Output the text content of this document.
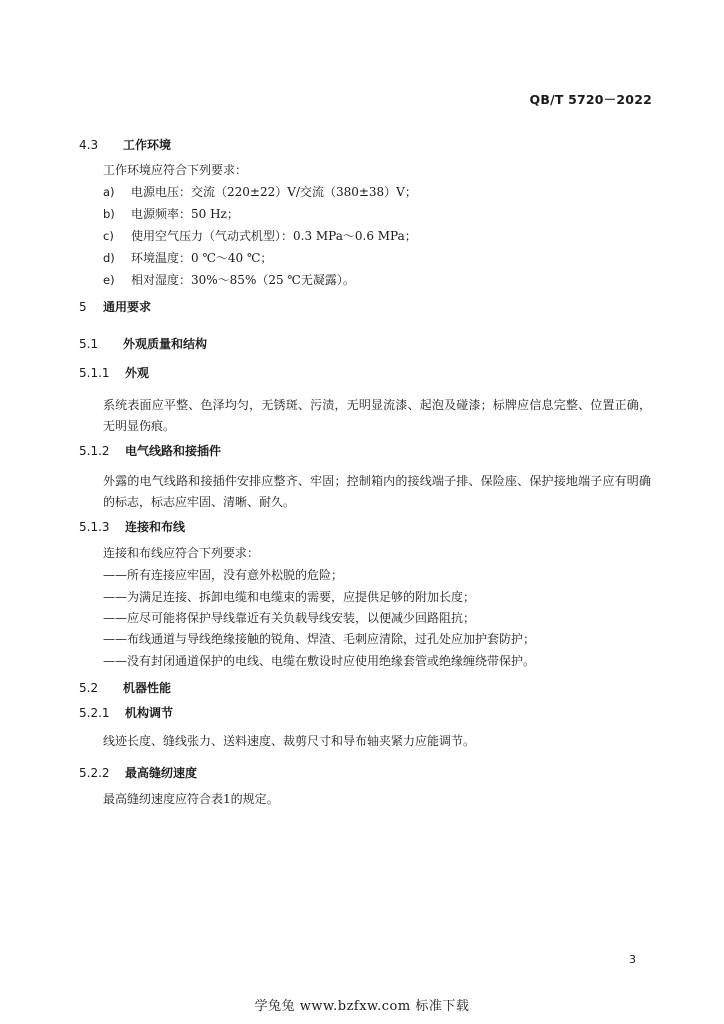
QB/T 5720－2022
4.3 工作环境
工作环境应符合下列要求：
a) 电源电压：交流（220±22）V/交流（380±38）V；
b) 电源频率：50 Hz；
c) 使用空气压力（气动式机型）：0.3 MPa～0.6 MPa；
d) 环境温度：0 ℃～40 ℃；
e) 相对湿度：30%～85%（25 ℃无凝露）。
5 通用要求
5.1 外观质量和结构
5.1.1 外观
系统表面应平整、色泽均匀，无锈斑、污渍，无明显流漆、起泡及碰漆；标牌应信息完整、位置正确，无明显伤痕。
5.1.2 电气线路和接插件
外露的电气线路和接插件安排应整齐、牢固；控制箱内的接线端子排、保险座、保护接地端子应有明确的标志，标志应牢固、清晰、耐久。
5.1.3 连接和布线
连接和布线应符合下列要求：
——所有连接应牢固，没有意外松脱的危险；
——为满足连接、拆卸电缆和电缆束的需要，应提供足够的附加长度；
——应尽可能将保护导线靠近有关负载导线安装，以便减少回路阻抗；
——布线通道与导线绝缘接触的锐角、焊渣、毛刺应清除，过孔处应加护套防护；
——没有封闭通道保护的电线、电缆在敷设时应使用绝缘套管或绝缘缠绕带保护。
5.2 机器性能
5.2.1 机构调节
线迹长度、缝线张力、送料速度、裁剪尺寸和导布轴夹紧力应能调节。
5.2.2 最高缝纫速度
最高缝纫速度应符合表1的规定。
3
学兔兔 www.bzfxw.com 标准下载
